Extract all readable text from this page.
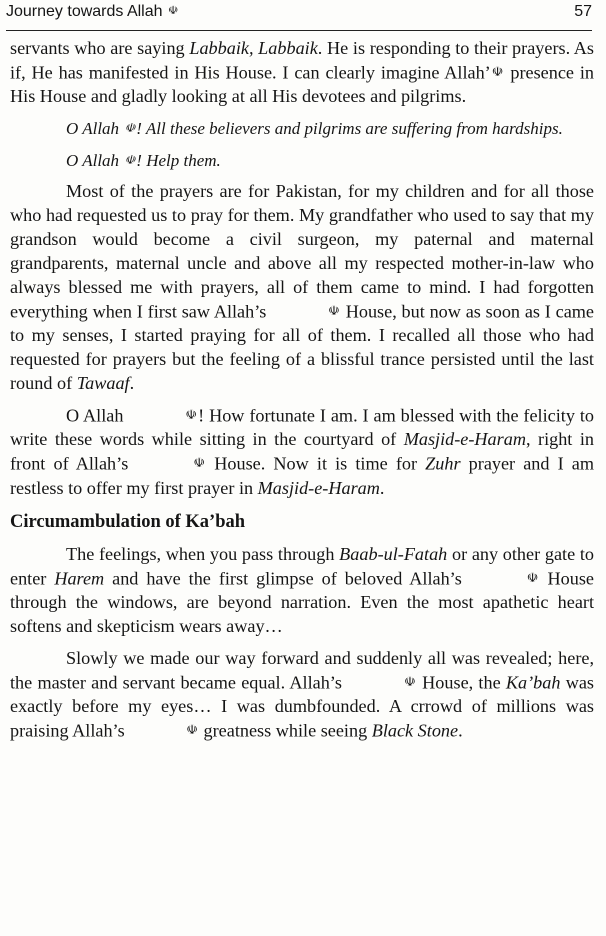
Journey towards Allah ☫	57

servants who are saying Labbaik, Labbaik. He is responding to their prayers. As if, He has manifested in His House. I can clearly imagine Allah’☫ presence in His House and gladly looking at all His devotees and pilgrims.

O Allah ☫! All these believers and pilgrims are suffering from hardships.

O Allah ☫! Help them.

Most of the prayers are for Pakistan, for my children and for all those who had requested us to pray for them. My grandfather who used to say that my grandson would become a civil surgeon, my paternal and maternal grandparents, maternal uncle and above all my respected mother-in-law who always blessed me with prayers, all of them came to mind. I had forgotten everything when I first saw Allah’s	☫ House, but now as soon as I came to my senses, I started praying for all of them. I recalled all those who had requested for prayers but the feeling of a blissful trance persisted until the last round of Tawaaf.

O Allah	☫! How fortunate I am. I am blessed with the felicity to write these words while sitting in the courtyard of Masjid-e-Haram, right in front of Allah’s	☫ House. Now it is time for Zuhr prayer and I am restless to offer my first prayer in Masjid-e-Haram.

Circumambulation of Ka’bah

The feelings, when you pass through Baab-ul-Fatah or any other gate to enter Harem and have the first glimpse of beloved Allah’s	☫ House through the windows, are beyond narration. Even the most apathetic heart softens and skepticism wears away…

Slowly we made our way forward and suddenly all was revealed; here, the master and servant became equal. Allah’s	☫ House, the Ka’bah was exactly before my eyes… I was dumbfounded. A crrowd of millions was praising Allah’s	☫ greatness while seeing Black Stone.
